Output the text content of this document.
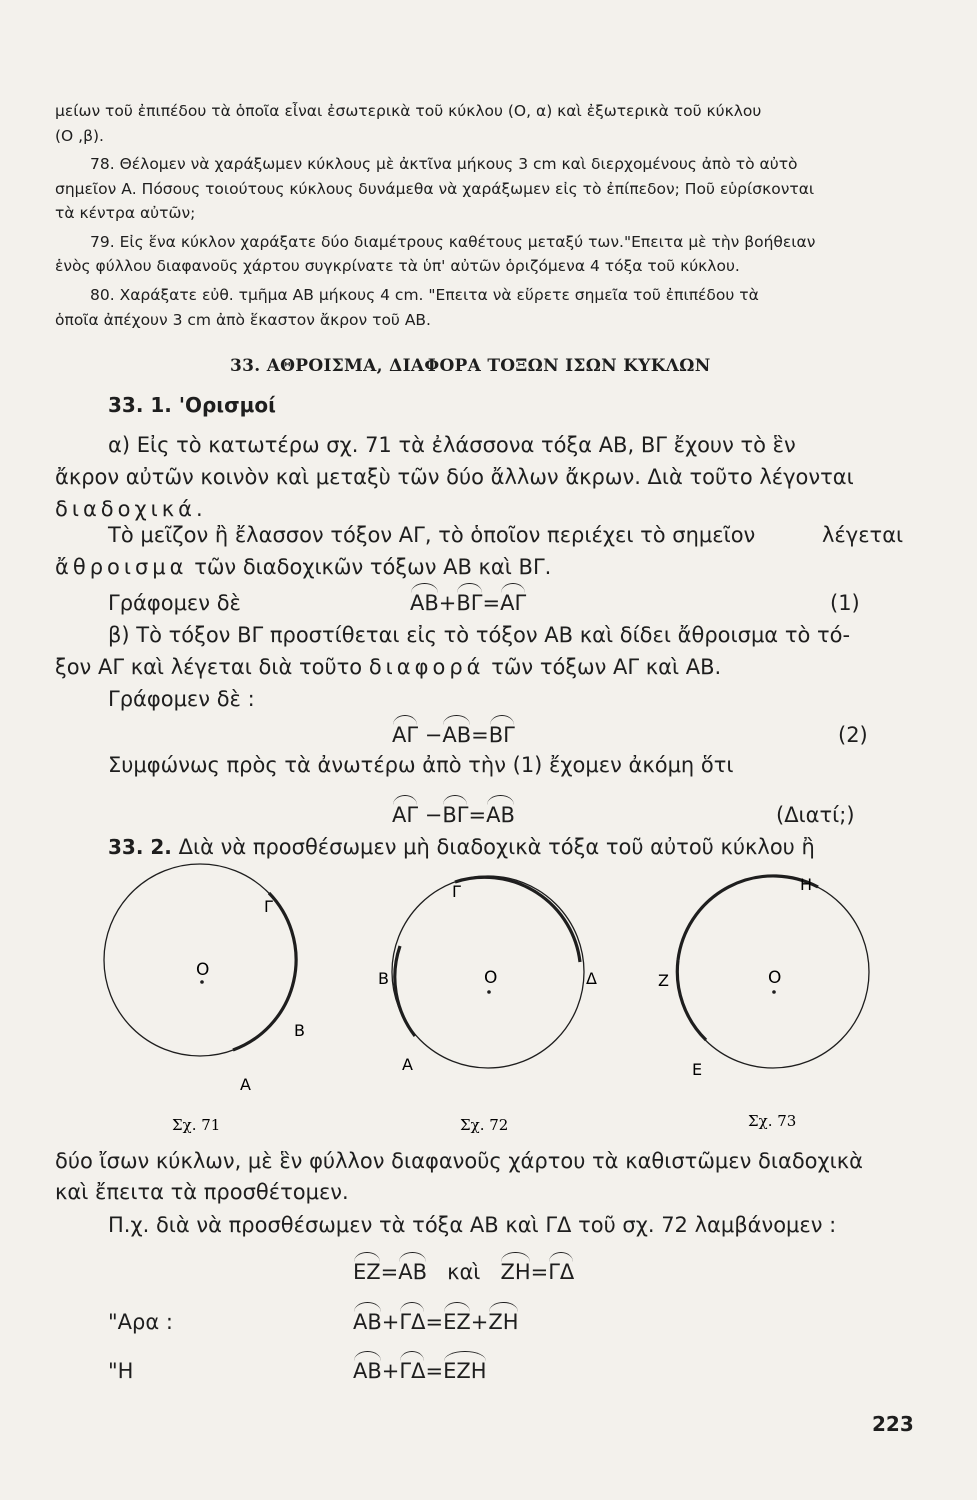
μείων τοῦ ἐπιπέδου τὰ ὁποῖα εἶναι ἐσωτερικὰ τοῦ κύκλου (Ο, α) καὶ ἐξωτερικὰ τοῦ κύκλου
(Ο ,β).
78. Θέλομεν νὰ χαράξωμεν κύκλους μὲ ἀκτῖνα μήκους 3 cm καὶ διερχομένους ἀπὸ τὸ αὐτὸ
σημεῖον Α. Πόσους τοιούτους κύκλους δυνάμεθα νὰ χαράξωμεν εἰς τὸ ἐπίπεδον; Ποῦ εὑρίσκονται
τὰ κέντρα αὐτῶν;
79. Εἰς ἕνα κύκλον χαράξατε δύο διαμέτρους καθέτους μεταξύ των."Επειτα μὲ τὴν βοήθειαν
ἑνὸς φύλλου διαφανοῦς χάρτου συγκρίνατε τὰ ὑπ' αὐτῶν ὁριζόμενα 4 τόξα τοῦ κύκλου.
80. Χαράξατε εὐθ. τμῆμα ΑΒ μήκους 4 cm. "Επειτα νὰ εὕρετε σημεῖα τοῦ ἐπιπέδου τὰ
ὁποῖα ἀπέχουν 3 cm ἀπὸ ἕκαστον ἄκρον τοῦ ΑΒ.
33. ΑΘΡΟΙΣΜΑ, ΔΙΑΦΟΡΑ ΤΟΞΩΝ ΙΣΩΝ ΚΥΚΛΩΝ
33. 1. 'Ορισμοί
α) Εἰς τὸ κατωτέρω σχ. 71 τὰ ἐλάσσονα τόξα ΑΒ, ΒΓ ἔχουν τὸ ἓν
ἄκρον αὐτῶν κοινὸν καὶ μεταξὺ τῶν δύο ἄλλων ἄκρων. Διὰ τοῦτο λέγονται
διαδοχικά.
Τὸ μεῖζον ἢ ἔλασσον τόξον ΑΓ, τὸ ὁποῖον περιέχει τὸ σημεῖον	λέγεται
ἄθροισμα τῶν διαδοχικῶν τόξων ΑΒ καὶ ΒΓ.
Γράφομεν δὲ	ΑΒ+ΒΓ=ΑΓ	(1)
β) Τὸ τόξον ΒΓ προστίθεται εἰς τὸ τόξον ΑΒ καὶ δίδει ἄθροισμα τὸ τό-
ξον ΑΓ καὶ λέγεται διὰ τοῦτο διαφορά τῶν τόξων ΑΓ καὶ ΑΒ.
Γράφομεν δὲ :
ΑΓ −ΑΒ=ΒΓ	(2)
Συμφώνως πρὸς τὰ ἀνωτέρω ἀπὸ τὴν (1) ἔχομεν ἀκόμη ὅτι
ΑΓ −ΒΓ=ΑΒ	(Διατί;)
33. 2. Διὰ νὰ προσθέσωμεν μὴ διαδοχικὰ τόξα τοῦ αὐτοῦ κύκλου ἢ
Ο
Γ
Β
Α
Σχ. 71
Ο
Γ
Β	Δ
Α
Σχ. 72
Ο
Η
Ζ
Ε
Σχ. 73
δύο ἴσων κύκλων, μὲ ἓν φύλλον διαφανοῦς χάρτου τὰ καθιστῶμεν διαδοχικὰ
καὶ ἔπειτα τὰ προσθέτομεν.
Π.χ. διὰ νὰ προσθέσωμεν τὰ τόξα ΑΒ καὶ ΓΔ τοῦ σχ. 72 λαμβάνομεν :
ΕΖ=ΑΒ καὶ ΖΗ=ΓΔ
"Αρα :	ΑΒ+ΓΔ=ΕΖ+ΖΗ
"Η	ΑΒ+ΓΔ=ΕΖΗ
223
